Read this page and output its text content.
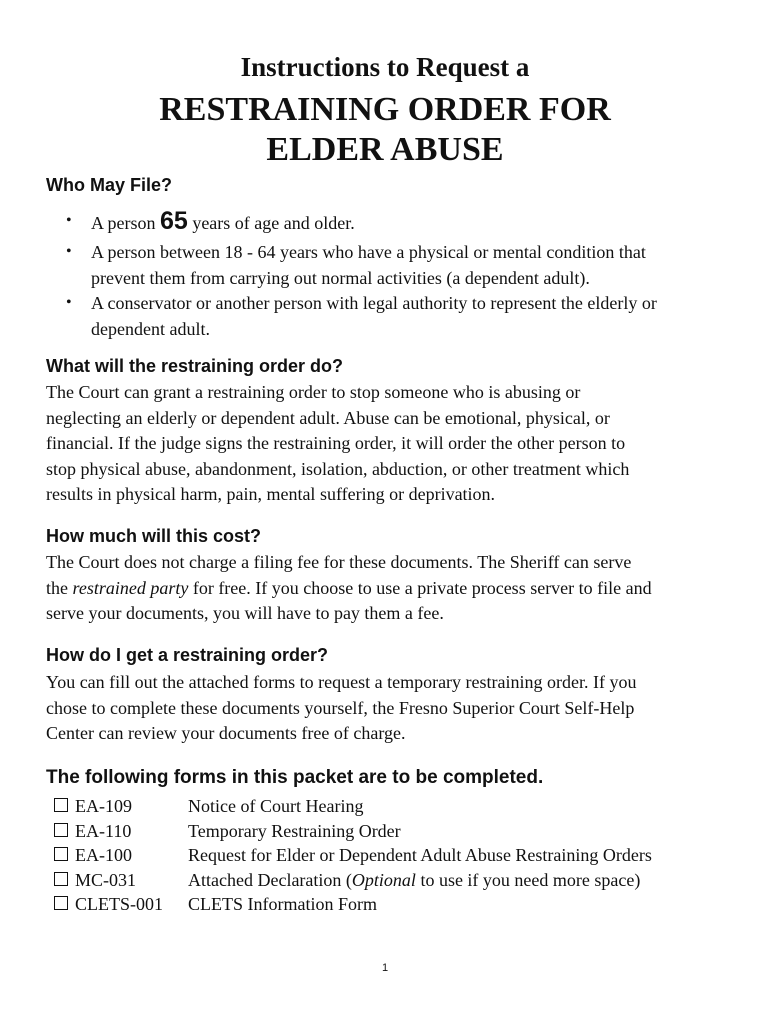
Instructions to Request a
RESTRAINING ORDER FOR
ELDER ABUSE
Who May File?
• A person 65 years of age and older.
• A person between 18 - 64 years who have a physical or mental condition that
prevent them from carrying out normal activities (a dependent adult).
• A conservator or another person with legal authority to represent the elderly or
dependent adult.
What will the restraining order do?
The Court can grant a restraining order to stop someone who is abusing or
neglecting an elderly or dependent adult. Abuse can be emotional, physical, or
financial. If the judge signs the restraining order, it will order the other person to
stop physical abuse, abandonment, isolation, abduction, or other treatment which
results in physical harm, pain, mental suffering or deprivation.
How much will this cost?
The Court does not charge a filing fee for these documents. The Sheriff can serve
the restrained party for free. If you choose to use a private process server to file and
serve your documents, you will have to pay them a fee.
How do I get a restraining order?
You can fill out the attached forms to request a temporary restraining order. If you
chose to complete these documents yourself, the Fresno Superior Court Self-Help
Center can review your documents free of charge.
The following forms in this packet are to be completed.
EA-109	Notice of Court Hearing
EA-110	Temporary Restraining Order
EA-100	Request for Elder or Dependent Adult Abuse Restraining Orders
MC-031	Attached Declaration (Optional to use if you need more space)
CLETS-001 CLETS Information Form
1
